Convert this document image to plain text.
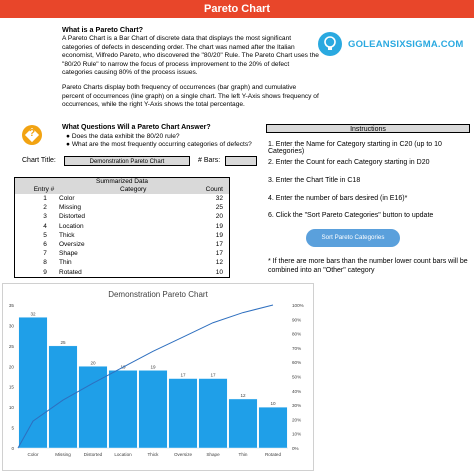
Pareto Chart
What is a Pareto Chart?

A Pareto Chart is a Bar Chart of discrete data that displays the most significant categories of defects in descending order. The chart was named after the Italian economist, Vilfredo Pareto, who discovered the "80/20" Rule. The Pareto Chart uses the "80/20 Rule" to narrow the focus of process improvement to the 20% of defect categories causing 80% of the process issues.

Pareto Charts display both frequency of occurrences (bar graph) and cumulative percent of occurrences (line graph) on a single chart. The left Y-Axis shows frequency of occurrences, while the right Y-Axis shows the total percentage.

GOLEANSIXSIGMA.COM
?
What Questions Will a Pareto Chart Answer?
● Does the data exhibit the 80/20 rule?
● What are the most frequently occurring categories of defects?
Chart Title:	Demonstration Pareto Chart	# Bars:
Summarized Data
Entry #	Category	Count
1	Color	32
2	Missing	25
3	Distorted	20
4	Location	19
5	Thick	19
6	Oversize	17
7	Shape	17
8	Thin	12
9	Rotated	10
Instructions
1. Enter the Name for Category starting in C20 (up to 10 Categories)
2. Enter the Count for each Category starting in D20
3. Enter the Chart Title in C18
4. Enter the number of bars desired (in E16)*
6. Click the "Sort Pareto Categories" button to update
Sort Pareto Categories
* If there are more bars than the number lower count bars will be combined into an "Other" category
Demonstration Pareto Chart
0
5
10
15
20
25
30
35
0%
10%
20%
30%
40%
50%
60%
70%
80%
90%
100%
32
Color
25
Missing
20
Distorted
19
Location
19
Thick
17
Oversize
17
Shape
12
Thin
10
Rotated
